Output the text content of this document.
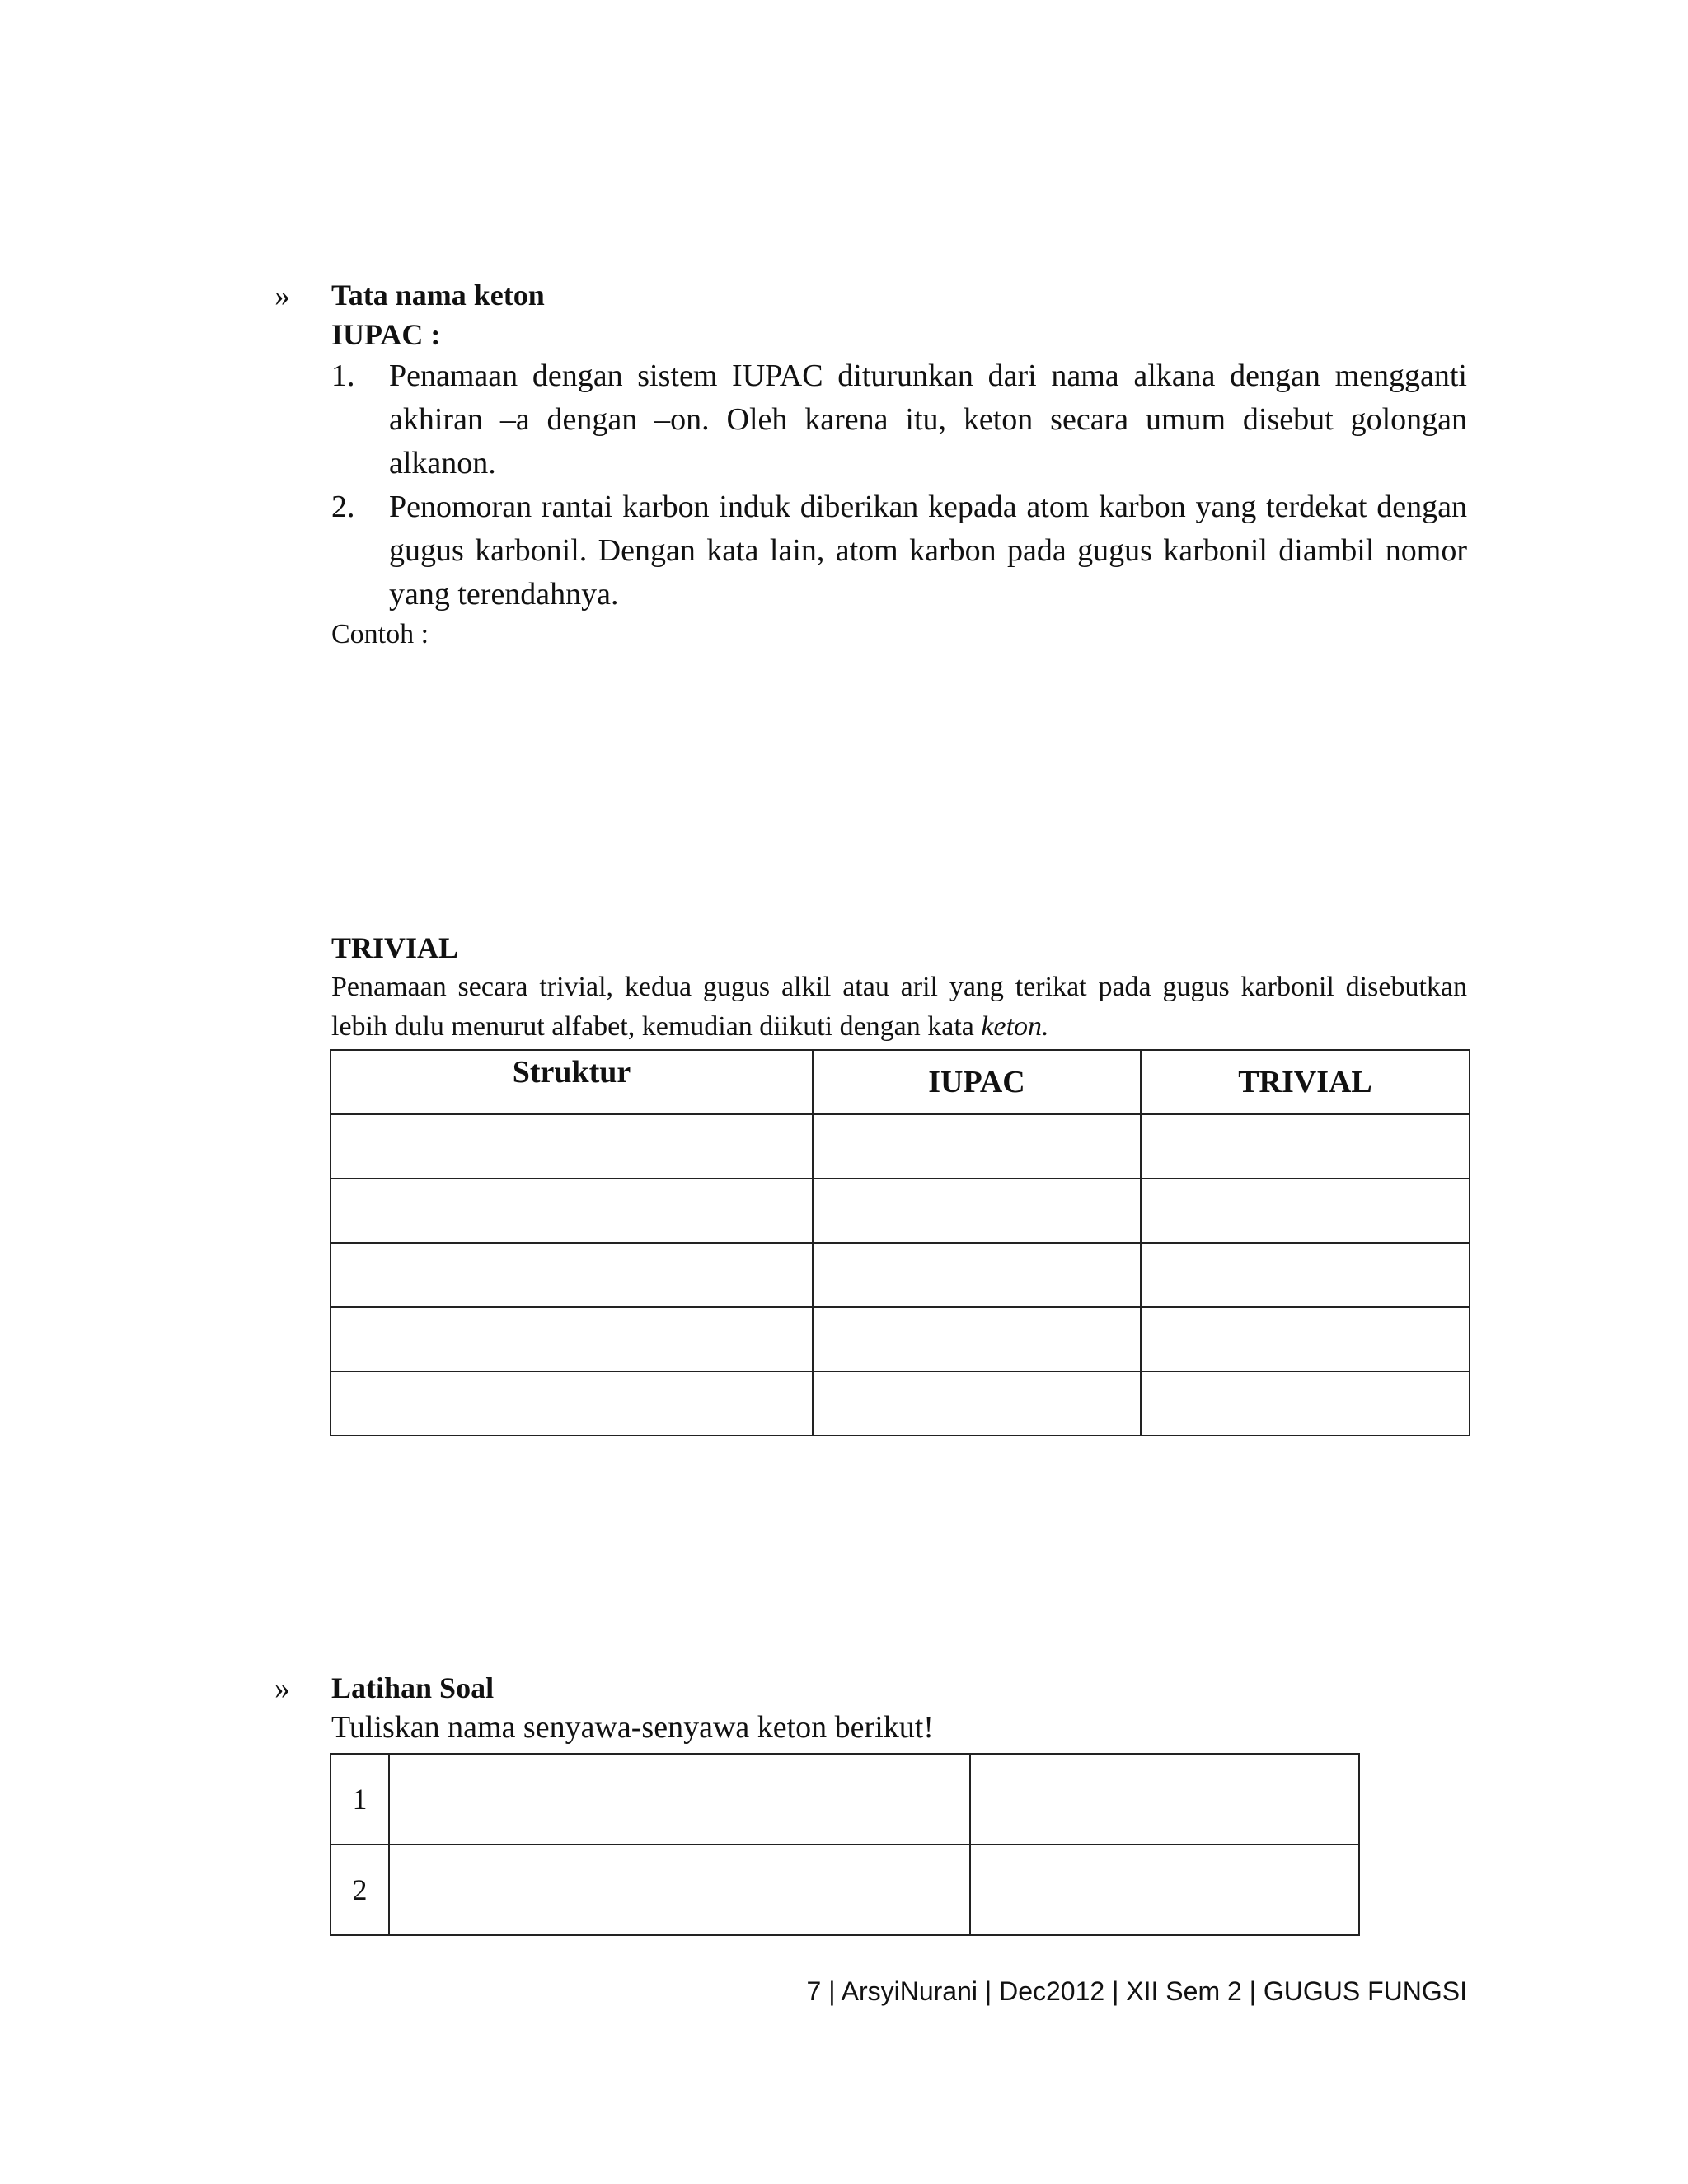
» Tata nama keton
IUPAC :
1. Penamaan dengan sistem IUPAC diturunkan dari nama alkana dengan mengganti akhiran –a dengan –on. Oleh karena itu, keton secara umum disebut golongan alkanon.
2. Penomoran rantai karbon induk diberikan kepada atom karbon yang terdekat dengan gugus karbonil. Dengan kata lain, atom karbon pada gugus karbonil diambil nomor yang terendahnya.
Contoh :
TRIVIAL
Penamaan secara trivial, kedua gugus alkil atau aril yang terikat pada gugus karbonil disebutkan lebih dulu menurut alfabet, kemudian diikuti dengan kata keton.
Struktur	IUPAC	TRIVIAL

» Latihan Soal
Tuliskan nama senyawa-senyawa keton berikut!
1		
2		
7 | ArsyiNurani | Dec2012 | XII Sem 2 | GUGUS FUNGSI
